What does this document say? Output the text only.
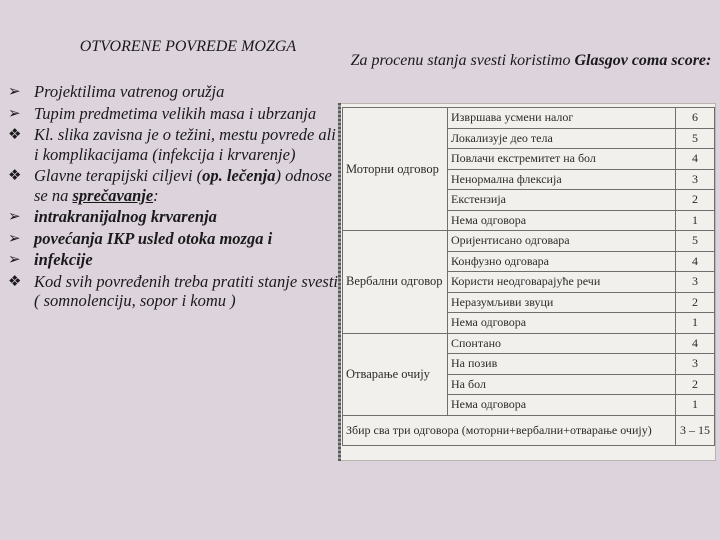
OTVORENE POVREDE MOZGA
➢ Projektilima vatrenog oružja
➢ Tupim predmetima velikih masa i ubrzanja
❖ Kl. slika zavisna je o težini, mestu povrede ali i komplikacijama (infekcija i krvarenje)
❖ Glavne terapijski ciljevi (op. lečenja) odnose se na sprečavanje:
➢ intrakranijalnog krvarenja
➢ povećanja IKP usled otoka mozga i
➢ infekcije
❖ Kod svih povređenih treba pratiti stanje svesti ( somnolenciju, sopor i komu )

Za procenu stanja svesti koristimo Glasgov coma score:

Моторни одговор	Извршава усмени налог	6
	Локализује део тела	5
	Повлачи екстремитет на бол	4
	Ненормална флексија	3
	Екстензија	2
	Нема одговора	1
Вербални одговор	Оријентисано одговара	5
	Конфузно одговара	4
	Користи неодговарајуће речи	3
	Неразумљиви звуци	2
	Нема одговора	1
Отварање очију	Спонтано	4
	На позив	3
	На бол	2
	Нема одговора	1
Збир сва три одговора (моторни+вербални+отварање очију)		3 – 15
